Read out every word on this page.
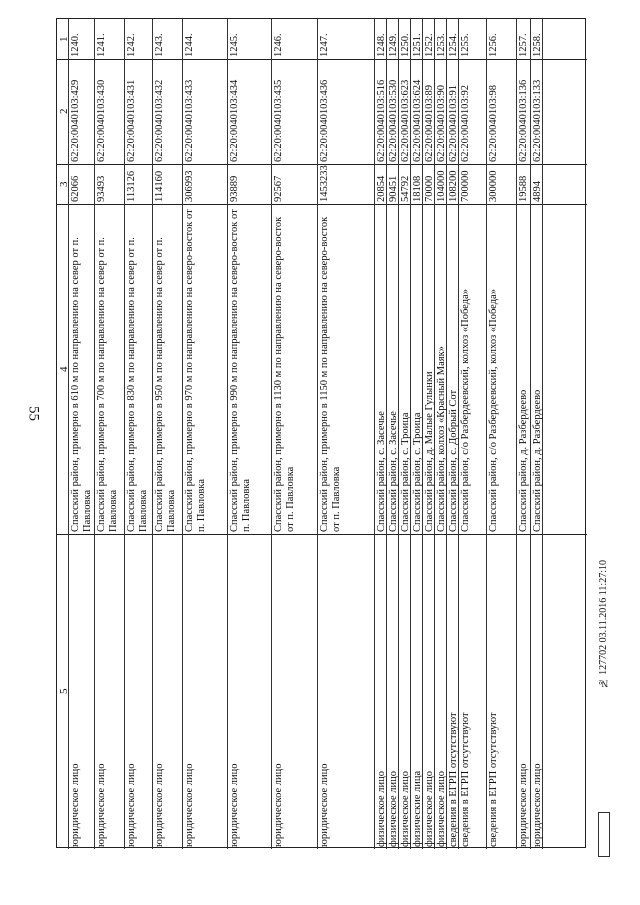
55
1
2
3
4
5
1240.
62:20:0040103:429
62066
Спасский район, примерно в 610 м по направлению на север от п. Павловка
юридическое лицо
1241.
62:20:0040103:430
93493
Спасский район, примерно в 700 м по направлению на север от п. Павловка
юридическое лицо
1242.
62:20:0040103:431
113126
Спасский район, примерно в 830 м по направлению на север от п. Павловка
юридическое лицо
1243.
62:20:0040103:432
114160
Спасский район, примерно в 950 м по направлению на север от п. Павловка
юридическое лицо
1244.
62:20:0040103:433
306993
Спасский район, примерно в 970 м по направлению на северо-восток от п. Павловка
юридическое лицо
1245.
62:20:0040103:434
93889
Спасский район, примерно в 990 м по направлению на северо-восток от п. Павловка
юридическое лицо
1246.
62:20:0040103:435
92567
Спасский район, примерно в 1130 м по направлению на северо-восток от п. Павловка
юридическое лицо
1247.
62:20:0040103:436
1453233
Спасский район, примерно в 1150 м по направлению на северо-восток от п. Павловка
юридическое лицо
1248.
62:20:0040103:516
20854
Спасский район, с. Засечье
физическое лицо
1249.
62:20:0040103:530
90451
Спасский район, с. Засечье
физическое лицо
1250.
62:20:0040103:623
54792
Спасский район, с. Троица
физическое лицо
1251.
62:20:0040103:624
18108
Спасский район, с. Троица
физические лица
1252.
62:20:0040103:89
70000
Спасский район, д. Малые Гулынки
физическое лицо
1253.
62:20:0040103:90
104000
Спасский район, колхоз «Красный Маяк»
физическое лицо
1254.
62:20:0040103:91
108200
Спасский район, с. Добрый Сот
сведения в ЕГРП отсутствуют
1255.
62:20:0040103:92
700000
Спасский район, с/о Разбердеевский, колхоз «Победа»
сведения в ЕГРП отсутствуют
1256.
62:20:0040103:98
300000
Спасский район, с/о Разбердеевский, колхоз «Победа»
сведения в ЕГРП отсутствуют
1257.
62:20:0040103:136
19588
Спасский район, д. Разбердеево
юридическое лицо
1258.
62:20:0040103:133
4894
Спасский район, д. Разбердеево
юридическое лицо
№ 127702 03.11.2016 11:27:10
